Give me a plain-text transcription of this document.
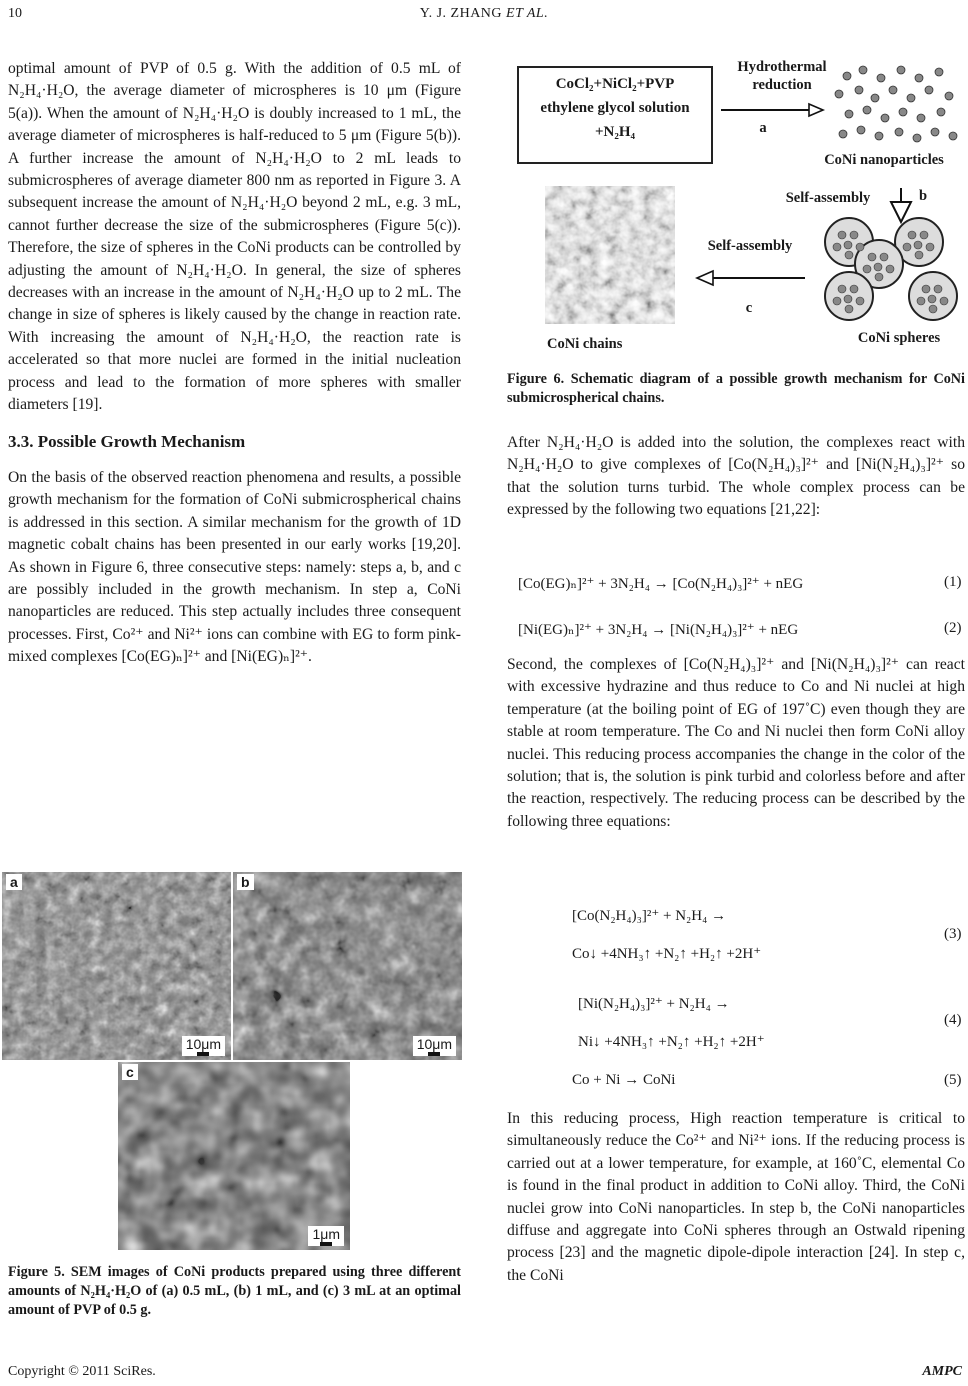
10	Y. J. ZHANG ET AL.

optimal amount of PVP of 0.5 g. With the addition of 0.5 mL of N₂H₄·H₂O, the average diameter of microspheres is 10 μm (Figure 5(a)). When the amount of N₂H₄·H₂O is doubly increased to 1 mL, the average diameter of microspheres is half-reduced to 5 μm (Figure 5(b)). A further increase the amount of N₂H₄·H₂O to 2 mL leads to submicrospheres of average diameter 800 nm as reported in Figure 3. A subsequent increase the amount of N₂H₄·H₂O beyond 2 mL, e.g. 3 mL, cannot further decrease the size of the submicrospheres (Figure 5(c)). Therefore, the size of spheres in the CoNi products can be controlled by adjusting the amount of N₂H₄·H₂O. In general, the size of spheres decreases with an increase in the amount of N₂H₄·H₂O up to 2 mL. The change in size of spheres is likely caused by the change in reaction rate. With increasing the amount of N₂H₄·H₂O, the reaction rate is accelerated so that more nuclei are formed in the initial nucleation process and lead to the formation of more spheres with smaller diameters [19].

3.3. Possible Growth Mechanism

On the basis of the observed reaction phenomena and results, a possible growth mechanism for the formation of CoNi submicrospherical chains is addressed in this section. A similar mechanism for the growth of 1D magnetic cobalt chains has been presented in our early works [19,20]. As shown in Figure 6, three consecutive steps: namely: steps a, b, and c are possibly included in the growth mechanism. In step a, CoNi nanoparticles are reduced. This step actually includes three consequent processes. First, Co²⁺ and Ni²⁺ ions can combine with EG to form pink-mixed complexes [Co(EG)ₙ]²⁺ and [Ni(EG)ₙ]²⁺.

a
10μm
b
10μm
c
1μm
Figure 5. SEM images of CoNi products prepared using three different amounts of N₂H₄·H₂O of (a) 0.5 mL, (b) 1 mL, and (c) 3 mL at an optimal amount of PVP of 0.5 g.
CoCl₂+NiCl₂+PVP
ethylene glycol solution
+N₂H₄
Hydrothermal
reduction
a
CoNi nanoparticles
Self-assembly	b
Self-assembly
c
CoNi chains	CoNi spheres
Figure 6. Schematic diagram of a possible growth mechanism for CoNi submicrospherical chains.
After N₂H₄·H₂O is added into the solution, the complexes react with N₂H₄·H₂O to give complexes of [Co(N₂H₄)₃]²⁺ and [Ni(N₂H₄)₃]²⁺ so that the solution turns turbid. The whole complex process can be expressed by the following two equations [21,22]:
[Co(EG)ₙ]²⁺ + 3N₂H₄ → [Co(N₂H₄)₃]²⁺ + nEG	(1)
[Ni(EG)ₙ]²⁺ + 3N₂H₄ → [Ni(N₂H₄)₃]²⁺ + nEG	(2)
Second, the complexes of [Co(N₂H₄)₃]²⁺ and [Ni(N₂H₄)₃]²⁺ can react with excessive hydrazine and thus reduce to Co and Ni nuclei at high temperature (at the boiling point of EG of 197˚C) even though they are stable at room temperature. The Co and Ni nuclei then form CoNi alloy nuclei. This reducing process accompanies the change in the color of the solution; that is, the solution is pink turbid and colorless before and after the reaction, respectively. The reducing process can be described by the following three equations:
[Co(N₂H₄)₃]²⁺ + N₂H₄ →
Co↓ +4NH₃↑ +N₂↑ +H₂↑ +2H⁺
(3)
[Ni(N₂H₄)₃]²⁺ + N₂H₄ →
Ni↓ +4NH₃↑ +N₂↑ +H₂↑ +2H⁺
(4)
Co + Ni → CoNi	(5)
In this reducing process, High reaction temperature is critical to simultaneously reduce the Co²⁺ and Ni²⁺ ions. If the reducing process is carried out at a lower temperature, for example, at 160˚C, elemental Co is found in the final product in addition to CoNi alloy. Third, the CoNi nuclei grow into CoNi nanoparticles. In step b, the CoNi nanoparticles diffuse and aggregate into CoNi spheres through an Ostwald ripening process [23] and the magnetic dipole-dipole interaction [24]. In step c, the CoNi
Copyright © 2011 SciRes.	AMPC
